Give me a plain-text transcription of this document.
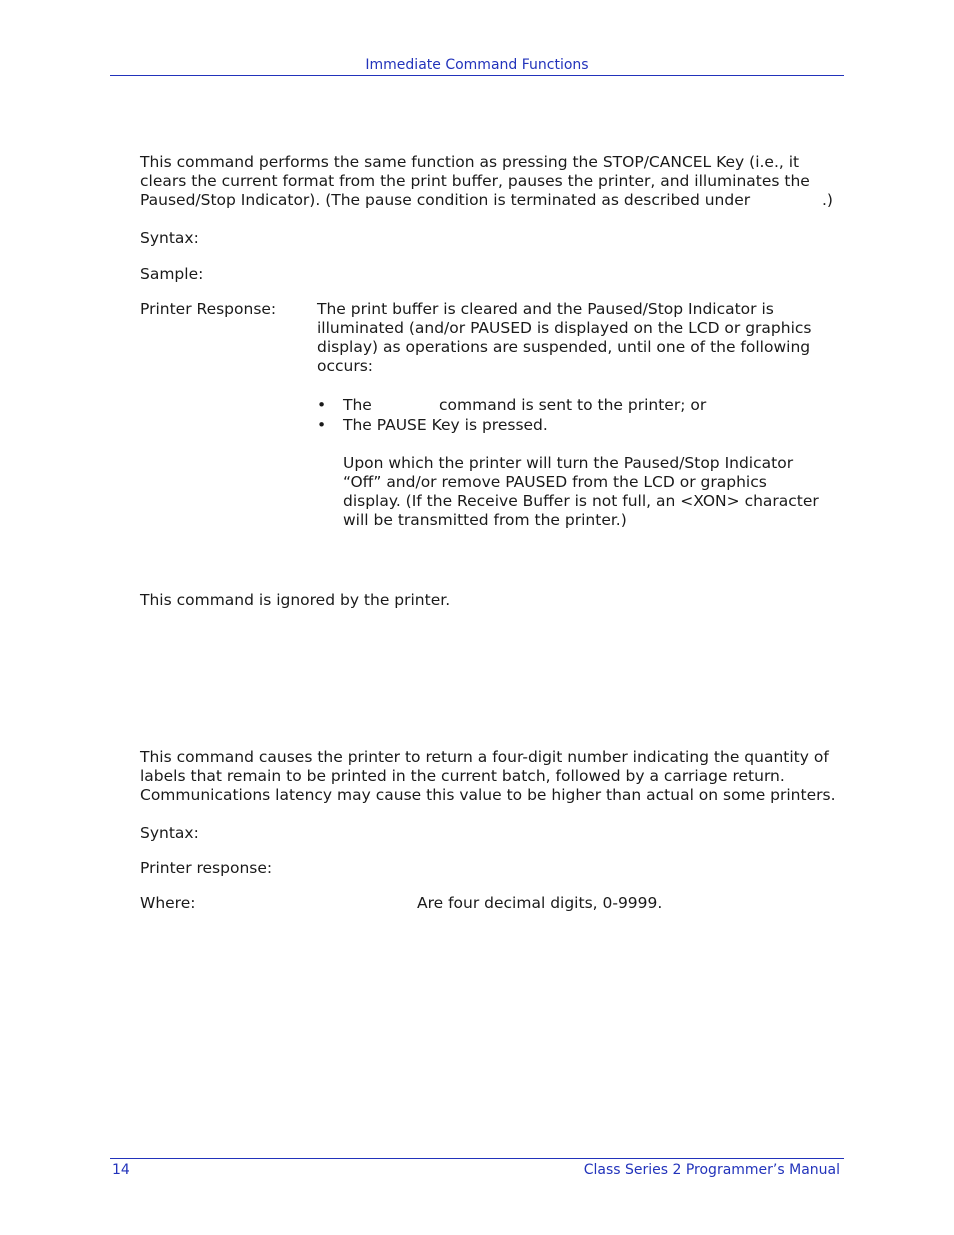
Immediate Command Functions
This command performs the same function as pressing the STOP/CANCEL Key (i.e., it
clears the current format from the print buffer, pauses the printer, and illuminates the
Paused/Stop Indicator). (The pause condition is terminated as described under	.)
Syntax:
Sample:
Printer Response:	The print buffer is cleared and the Paused/Stop Indicator is
illuminated (and/or PAUSED is displayed on the LCD or graphics
display) as operations are suspended, until one of the following
occurs:
• The	command is sent to the printer; or
• The PAUSE Key is pressed.
Upon which the printer will turn the Paused/Stop Indicator
“Off” and/or remove PAUSED from the LCD or graphics
display. (If the Receive Buffer is not full, an <XON> character
will be transmitted from the printer.)
This command is ignored by the printer.
This command causes the printer to return a four-digit number indicating the quantity of
labels that remain to be printed in the current batch, followed by a carriage return.
Communications latency may cause this value to be higher than actual on some printers.
Syntax:
Printer response:
Where:	Are four decimal digits, 0-9999.
14	Class Series 2 Programmer’s Manual
